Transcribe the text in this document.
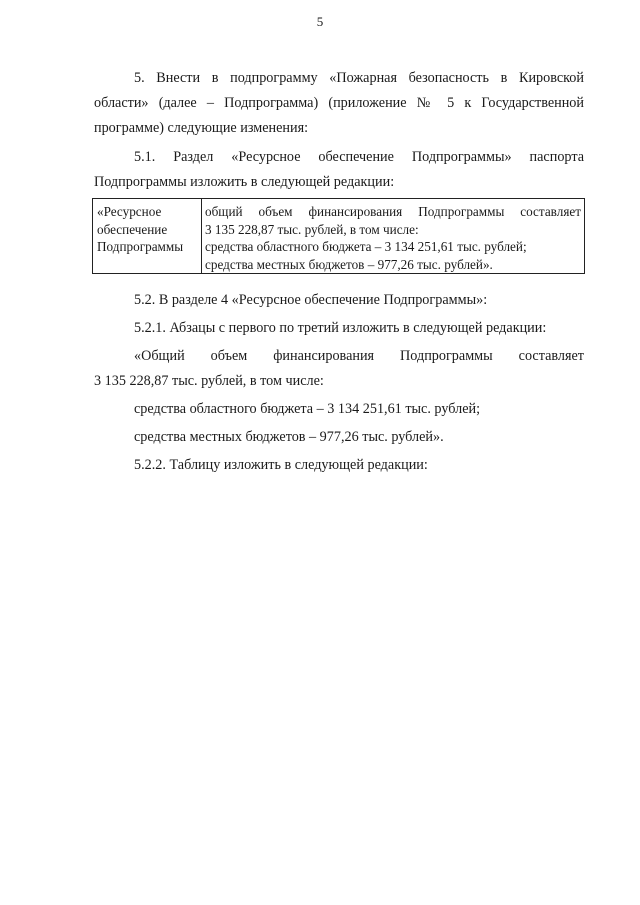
5
5. Внести в подпрограмму «Пожарная безопасность в Кировской
области» (далее – Подпрограмма) (приложение № 5 к Государственной
программе) следующие изменения:
5.1. Раздел «Ресурсное обеспечение Подпрограммы» паспорта
Подпрограммы изложить в следующей редакции:
«Ресурсное
обеспечение
Подпрограммы
общий объем финансирования Подпрограммы составляет
3 135 228,87 тыс. рублей, в том числе:
средства областного бюджета – 3 134 251,61 тыс. рублей;
средства местных бюджетов – 977,26 тыс. рублей».
5.2. В разделе 4 «Ресурсное обеспечение Подпрограммы»:
5.2.1. Абзацы с первого по третий изложить в следующей редакции:
«Общий объем финансирования Подпрограммы составляет
3 135 228,87 тыс. рублей, в том числе:
средства областного бюджета – 3 134 251,61 тыс. рублей;
средства местных бюджетов – 977,26 тыс. рублей».
5.2.2. Таблицу изложить в следующей редакции:
